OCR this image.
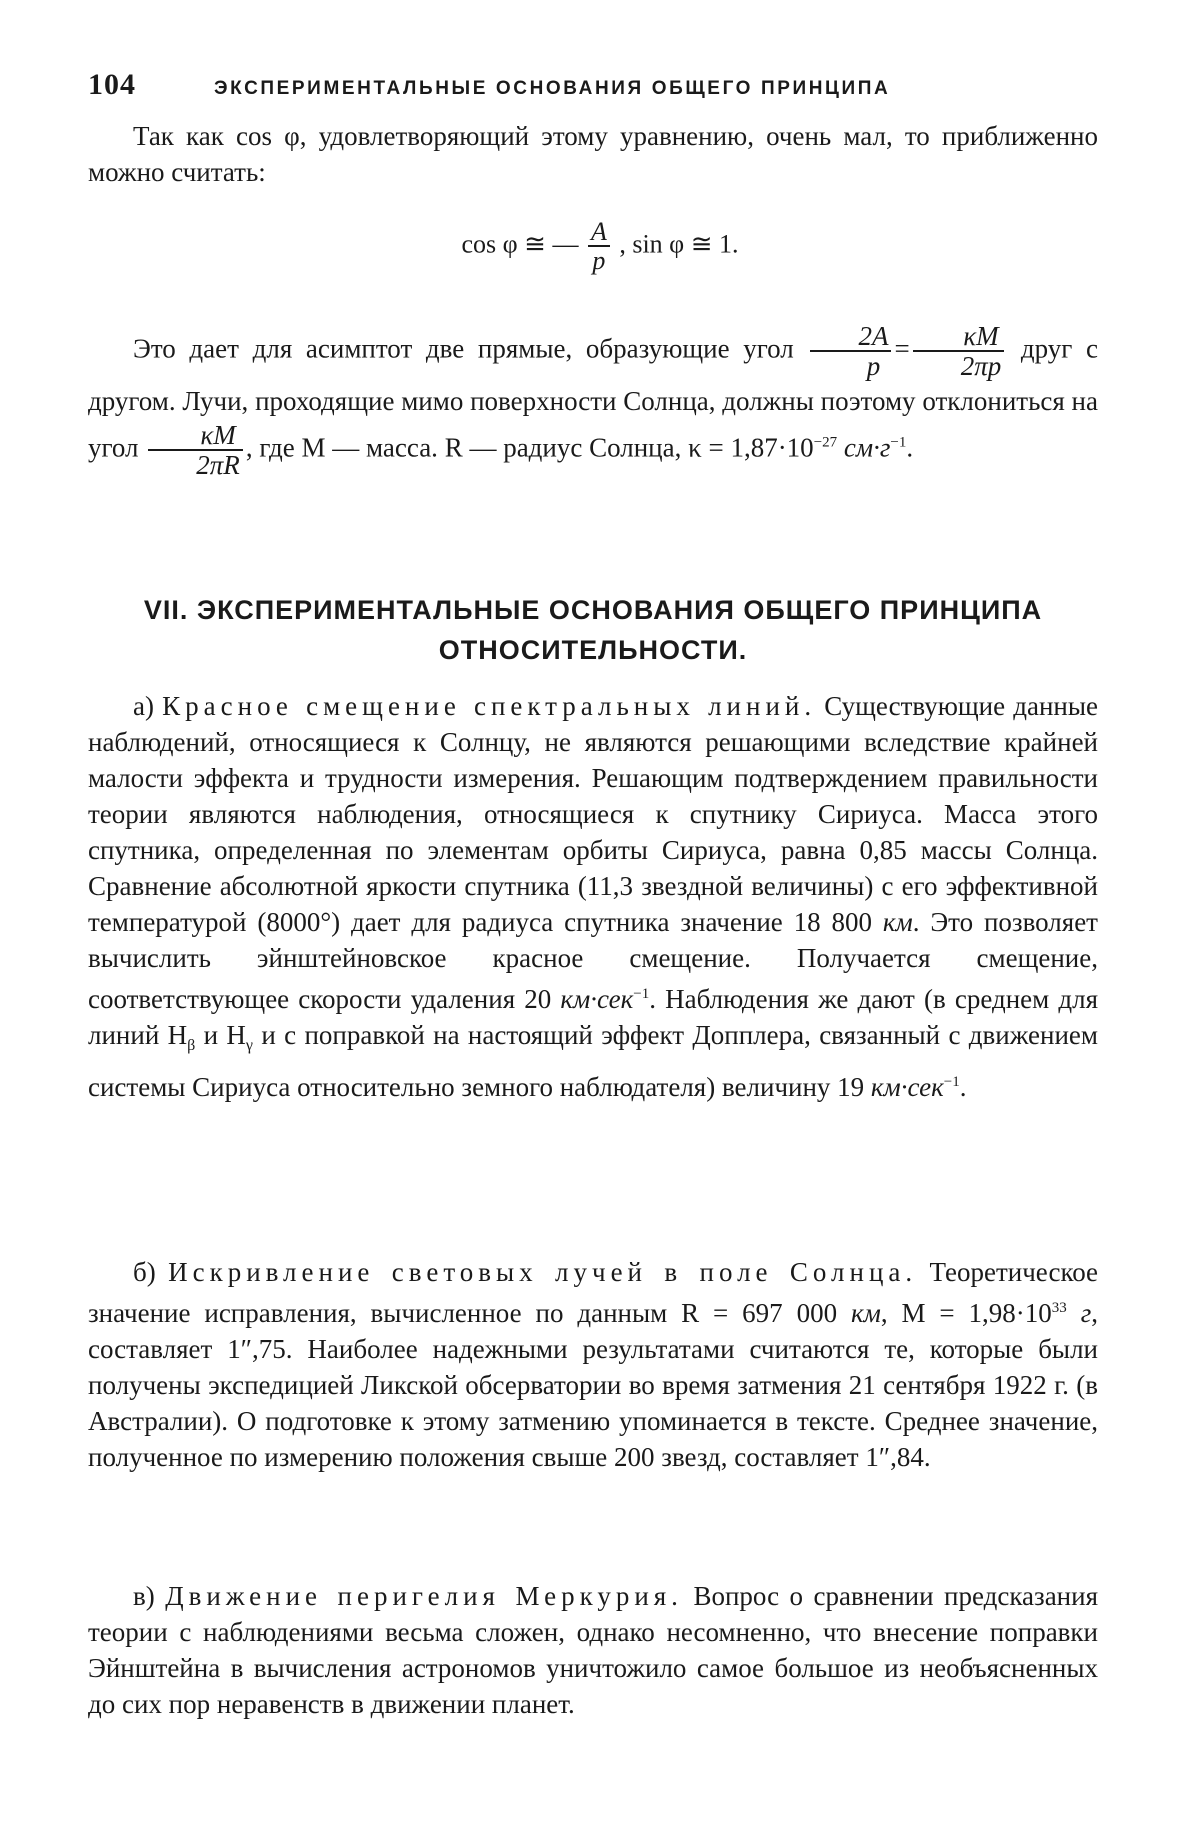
104	ЭКСПЕРИМЕНТАЛЬНЫЕ ОСНОВАНИЯ ОБЩЕГО ПРИНЦИПА

Так как cos φ, удовлетворяющий этому уравнению, очень мал, то приближенно можно считать:

cos φ ≅ — $\frac{A}{p}$ , sin φ ≅ 1.

Это дает для асимптот две прямые, образующие угол $\frac{2A}{p} = \frac{\kappa M}{2\pi p}$ друг с другом. Лучи, проходящие мимо поверхности Солнца, должны поэтому отклониться на угол $\frac{\kappa M}{2\pi R}$ , где M — масса. R — радиус Солнца, $\kappa = 1,87\cdot 10^{-27}$ $см\cdot г^{-1}$.

VII. ЭКСПЕРИМЕНТАЛЬНЫЕ ОСНОВАНИЯ ОБЩЕГО ПРИНЦИПА
ОТНОСИТЕЛЬНОСТИ.

а) Красное смещение спектральных линий. Существующие данные наблюдений, относящиеся к Солнцу, не являются решающими вследствие крайней малости эффекта и трудности измерения. Решающим подтверждением правильности теории являются наблюдения, относящиеся к спутнику Сириуса. Масса этого спутника, определенная по элементам орбиты Сириуса, равна 0,85 массы Солнца. Сравнение абсолютной яркости спутника (11,3 звездной величины) с его эффективной температурой (8000°) дает для радиуса спутника значение 18 800 км. Это позволяет вычислить эйнштейновское красное смещение. Получается смещение, соответствующее скорости удаления 20 км·сек$^{-1}$. Наблюдения же дают (в среднем для линий $H_\beta$ и $H_\gamma$ и с поправкой на настоящий эффект Допплера, связанный с движением системы Сириуса относительно земного наблюдателя) величину 19 км·сек$^{-1}$.

б) Искривление световых лучей в поле Солнца. Теоретическое значение исправления, вычисленное по данным R = 697 000 км, $M = 1,98\cdot 10^{33}$ г, составляет 1″,75. Наиболее надежными результатами считаются те, которые были получены экспедицией Ликской обсерватории во время затмения 21 сентября 1922 г. (в Австралии). О подготовке к этому затмению упоминается в тексте. Среднее значение, полученное по измерению положения свыше 200 звезд, составляет 1″,84.

в) Движение перигелия Меркурия. Вопрос о сравнении предсказания теории с наблюдениями весьма сложен, однако несомненно, что внесение поправки Эйнштейна в вычисления астрономов уничтожило самое большое из необъясненных до сих пор неравенств в движении планет.
